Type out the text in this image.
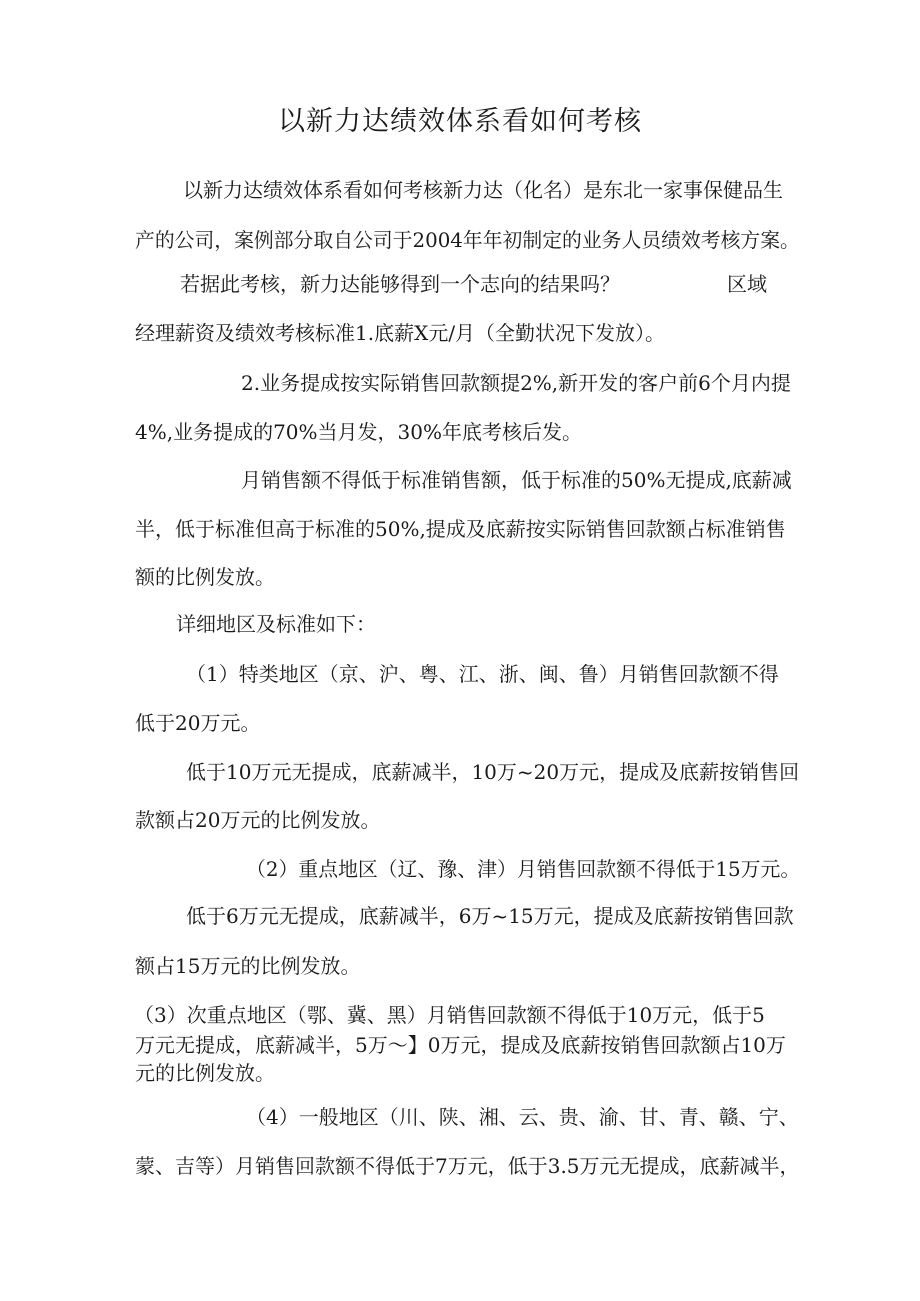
以新力达绩效体系看如何考核
以新力达绩效体系看如何考核新力达（化名）是东北一家事保健品生
产的公司，案例部分取自公司于2004年年初制定的业务人员绩效考核方案。
若据此考核，新力达能够得到一个志向的结果吗？	区域
经理薪资及绩效考核标准1.底薪X元/月（全勤状况下发放）。
2.业务提成按实际销售回款额提2%,新开发的客户前6个月内提
4%,业务提成的70%当月发，30%年底考核后发。
月销售额不得低于标准销售额，低于标准的50%无提成,底薪减
半，低于标准但高于标准的50%,提成及底薪按实际销售回款额占标准销售
额的比例发放。
详细地区及标准如下：
（1）特类地区（京、沪、粤、江、浙、闽、鲁）月销售回款额不得
低于20万元。
低于10万元无提成，底薪减半，10万~20万元，提成及底薪按销售回
款额占20万元的比例发放。
（2）重点地区（辽、豫、津）月销售回款额不得低于15万元。
低于6万元无提成，底薪减半，6万~15万元，提成及底薪按销售回款
额占15万元的比例发放。
（3）次重点地区（鄂、冀、黑）月销售回款额不得低于10万元，低于5
万元无提成，底薪减半，5万～】0万元，提成及底薪按销售回款额占10万
元的比例发放。
（4）一般地区（川、陕、湘、云、贵、渝、甘、青、赣、宁、
蒙、吉等）月销售回款额不得低于7万元，低于3.5万元无提成，底薪减半，
